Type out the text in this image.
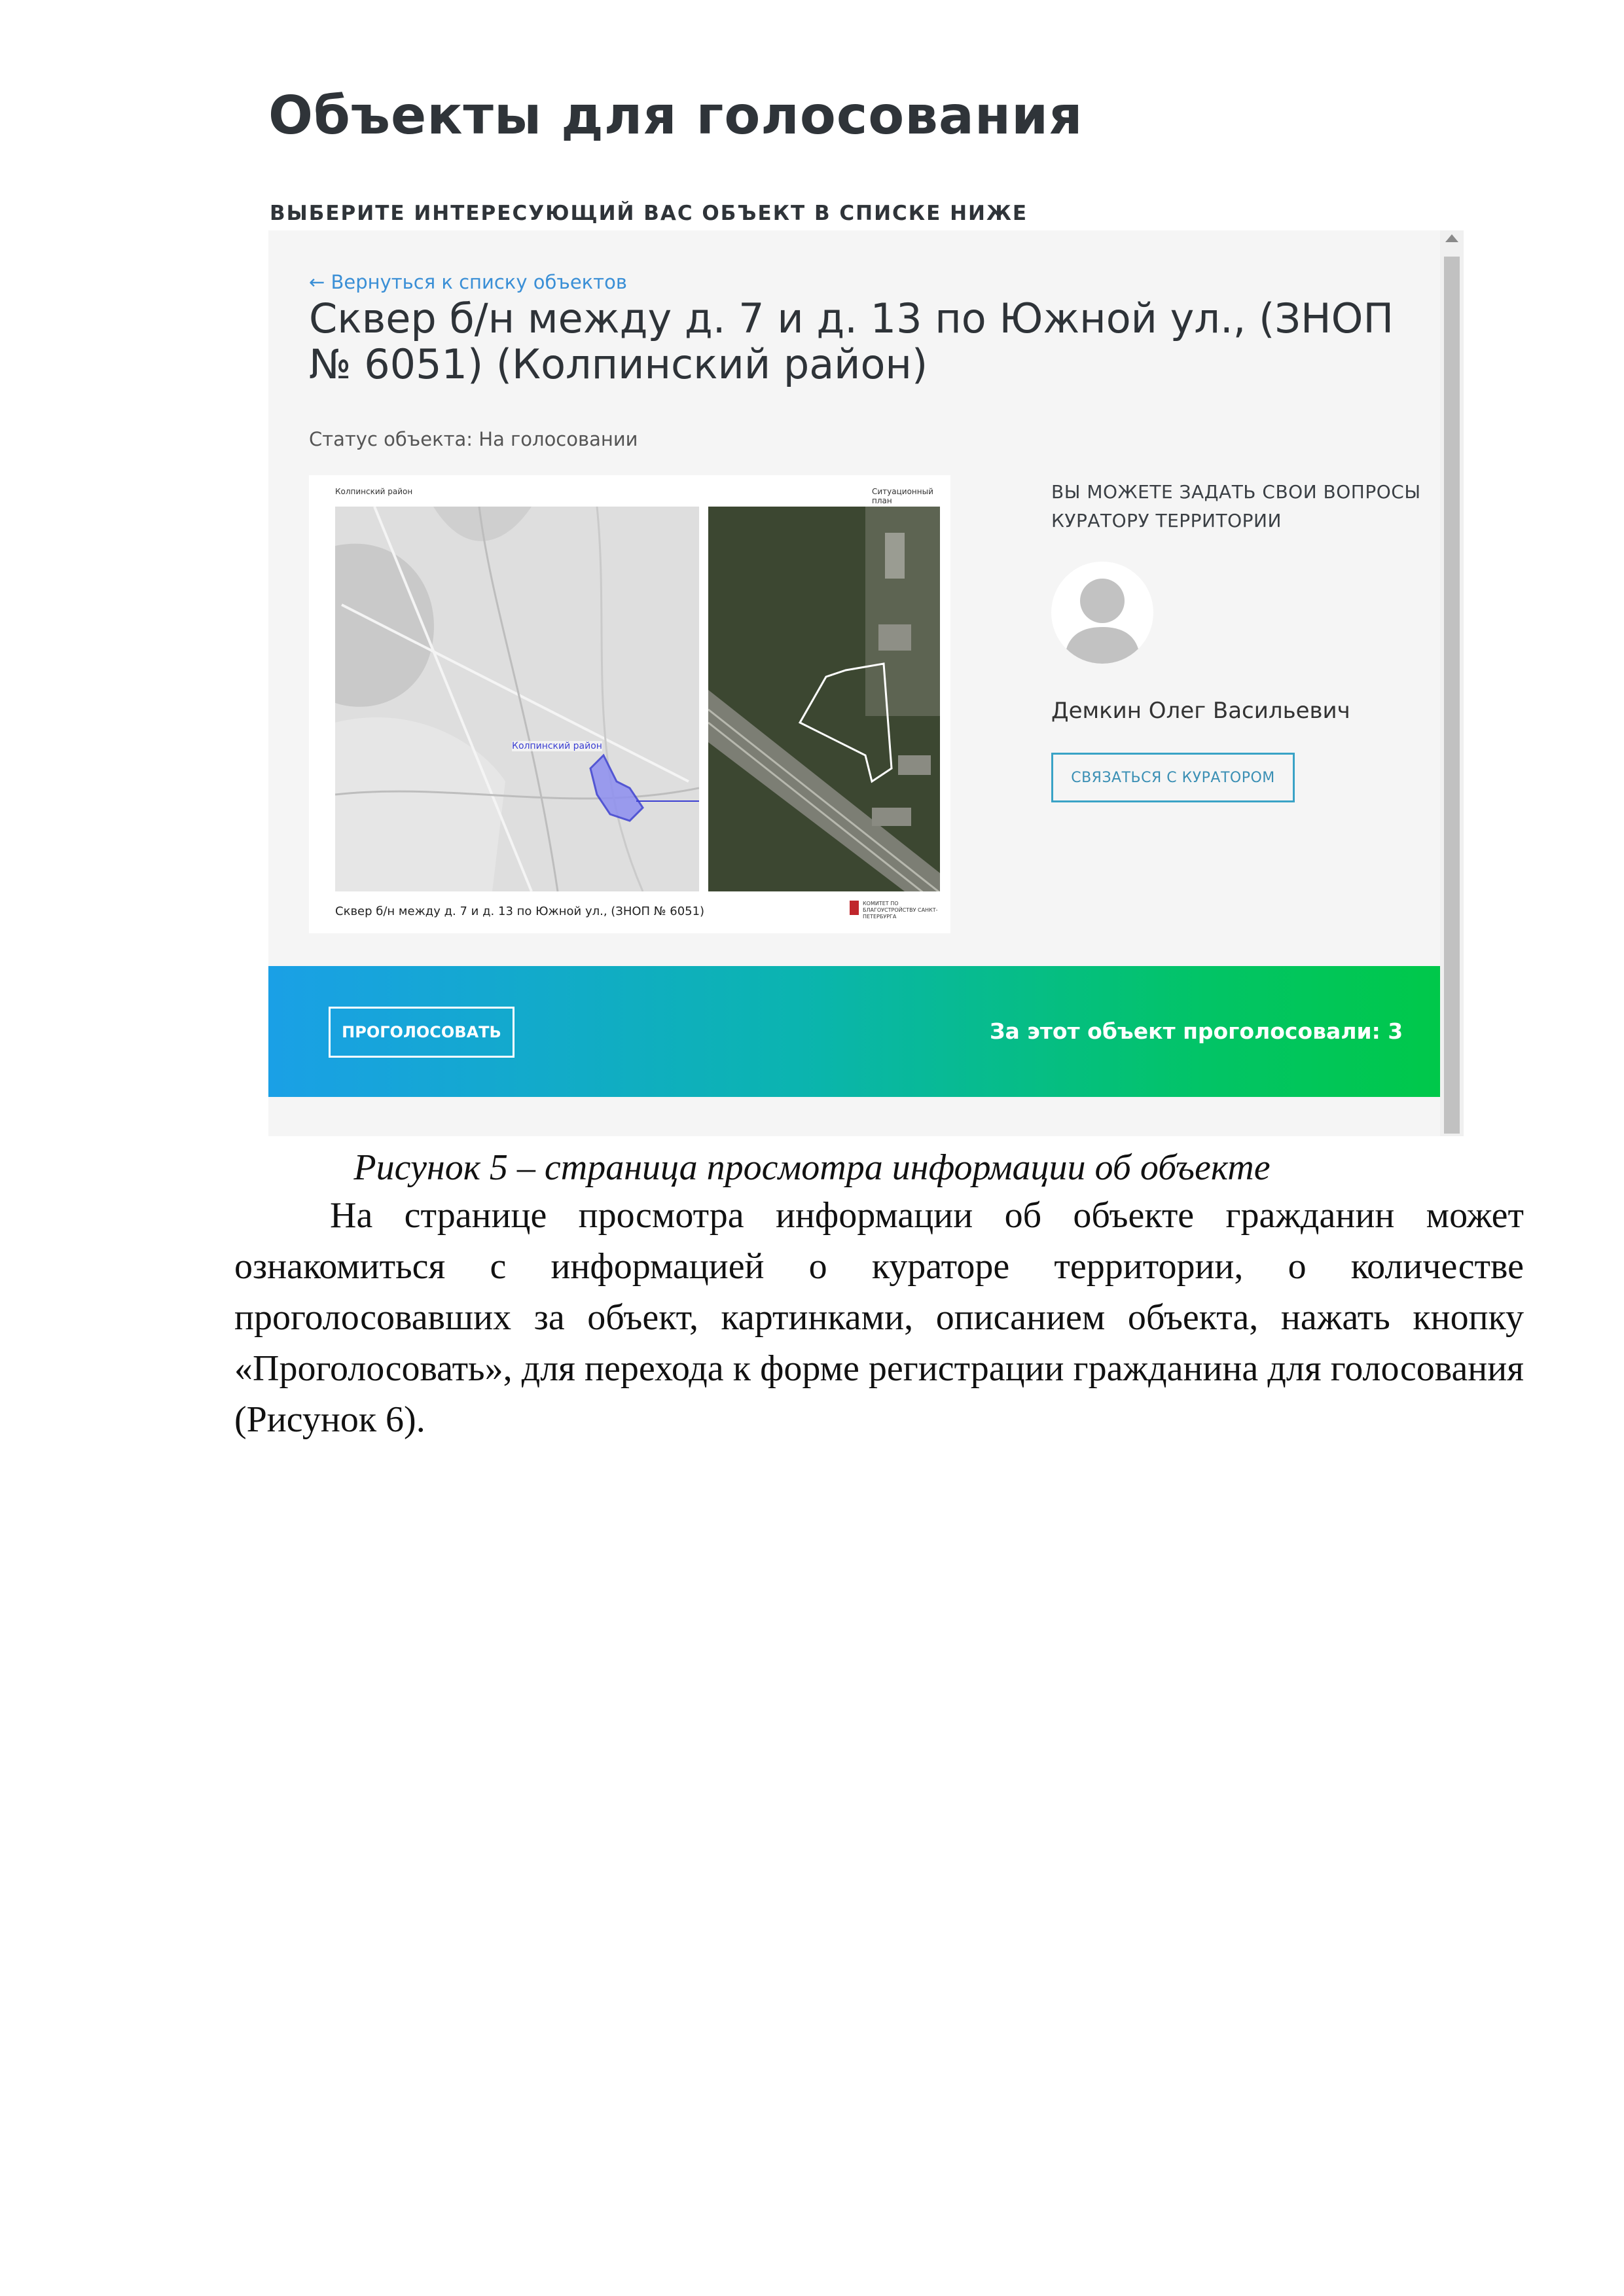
Объекты для голосования
ВЫБЕРИТЕ ИНТЕРЕСУЮЩИЙ ВАС ОБЪЕКТ В СПИСКЕ НИЖЕ
← Вернуться к списку объектов
Сквер б/н между д. 7 и д. 13 по Южной ул., (ЗНОП № 6051) (Колпинский район)
Статус объекта: На голосовании
Колпинский район	Ситуационный план
Колпинский район
Сквер б/н между д. 7 и д. 13 по Южной ул., (ЗНОП № 6051)
КОМИТЕТ ПО БЛАГОУСТРОЙСТВУ САНКТ-ПЕТЕРБУРГА
ВЫ МОЖЕТЕ ЗАДАТЬ СВОИ ВОПРОСЫ КУРАТОРУ ТЕРРИТОРИИ
Демкин Олег Васильевич
СВЯЗАТЬСЯ С КУРАТОРОМ
ПРОГОЛОСОВАТЬ	За этот объект проголосовали: 3
Рисунок 5 – страница просмотра информации об объекте

На странице просмотра информации об объекте гражданин может ознакомиться с информацией о кураторе территории, о количестве проголосовавших за объект, картинками, описанием объекта, нажать кнопку «Проголосовать», для перехода к форме регистрации гражданина для голосования (Рисунок 6).
